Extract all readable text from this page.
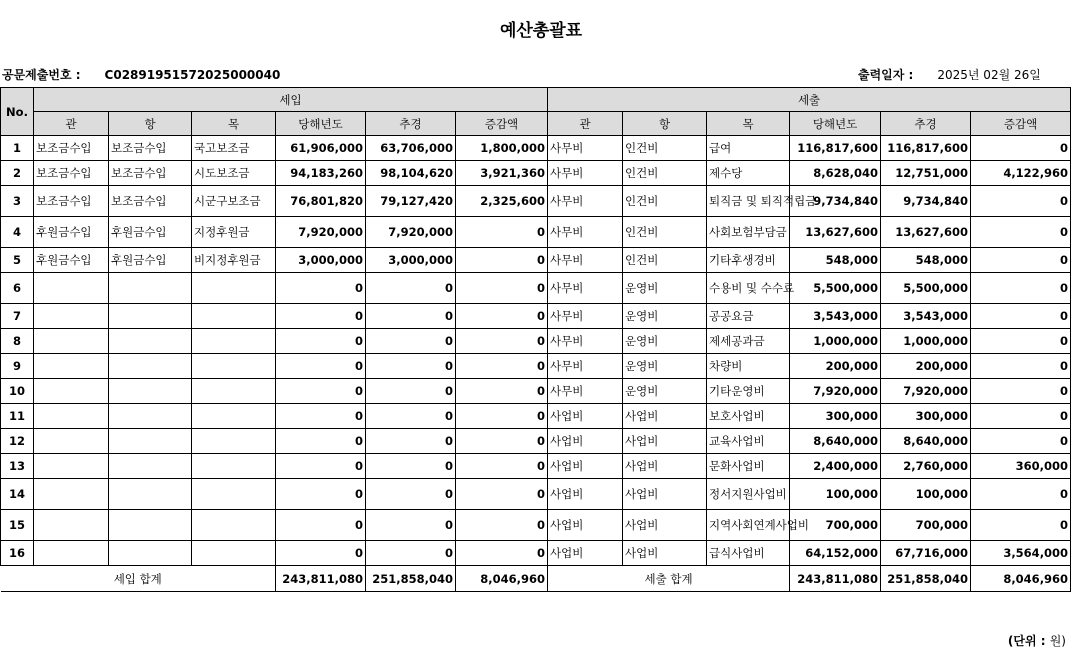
예산총괄표
공문제출번호 : C02891951572025000040	출력일자 : 2025년 02월 26일
No.	세입						세출					
	관	항	목	당해년도	추경	증감액	관	항	목	당해년도	추경	증감액
1	보조금수입	보조금수입	국고보조금	61,906,000	63,706,000	1,800,000	사무비	인건비	급여	116,817,600	116,817,600	0
2	보조금수입	보조금수입	시도보조금	94,183,260	98,104,620	3,921,360	사무비	인건비	제수당	8,628,040	12,751,000	4,122,960
3	보조금수입	보조금수입	시군구보조금	76,801,820	79,127,420	2,325,600	사무비	인건비	퇴직금 및 퇴직적립금	9,734,840	9,734,840	0
4	후원금수입	후원금수입	지정후원금	7,920,000	7,920,000	0	사무비	인건비	사회보험부담금	13,627,600	13,627,600	0
5	후원금수입	후원금수입	비지정후원금	3,000,000	3,000,000	0	사무비	인건비	기타후생경비	548,000	548,000	0
6				0	0	0	사무비	운영비	수용비 및 수수료	5,500,000	5,500,000	0
7				0	0	0	사무비	운영비	공공요금	3,543,000	3,543,000	0
8				0	0	0	사무비	운영비	제세공과금	1,000,000	1,000,000	0
9				0	0	0	사무비	운영비	차량비	200,000	200,000	0
10				0	0	0	사무비	운영비	기타운영비	7,920,000	7,920,000	0
11				0	0	0	사업비	사업비	보호사업비	300,000	300,000	0
12				0	0	0	사업비	사업비	교육사업비	8,640,000	8,640,000	0
13				0	0	0	사업비	사업비	문화사업비	2,400,000	2,760,000	360,000
14				0	0	0	사업비	사업비	정서지원사업비	100,000	100,000	0
15				0	0	0	사업비	사업비	지역사회연계사업비	700,000	700,000	0
16				0	0	0	사업비	사업비	급식사업비	64,152,000	67,716,000	3,564,000
세입 합계				243,811,080	251,858,040	8,046,960	세출 합계			243,811,080	251,858,040	8,046,960
(단위 : 원)
